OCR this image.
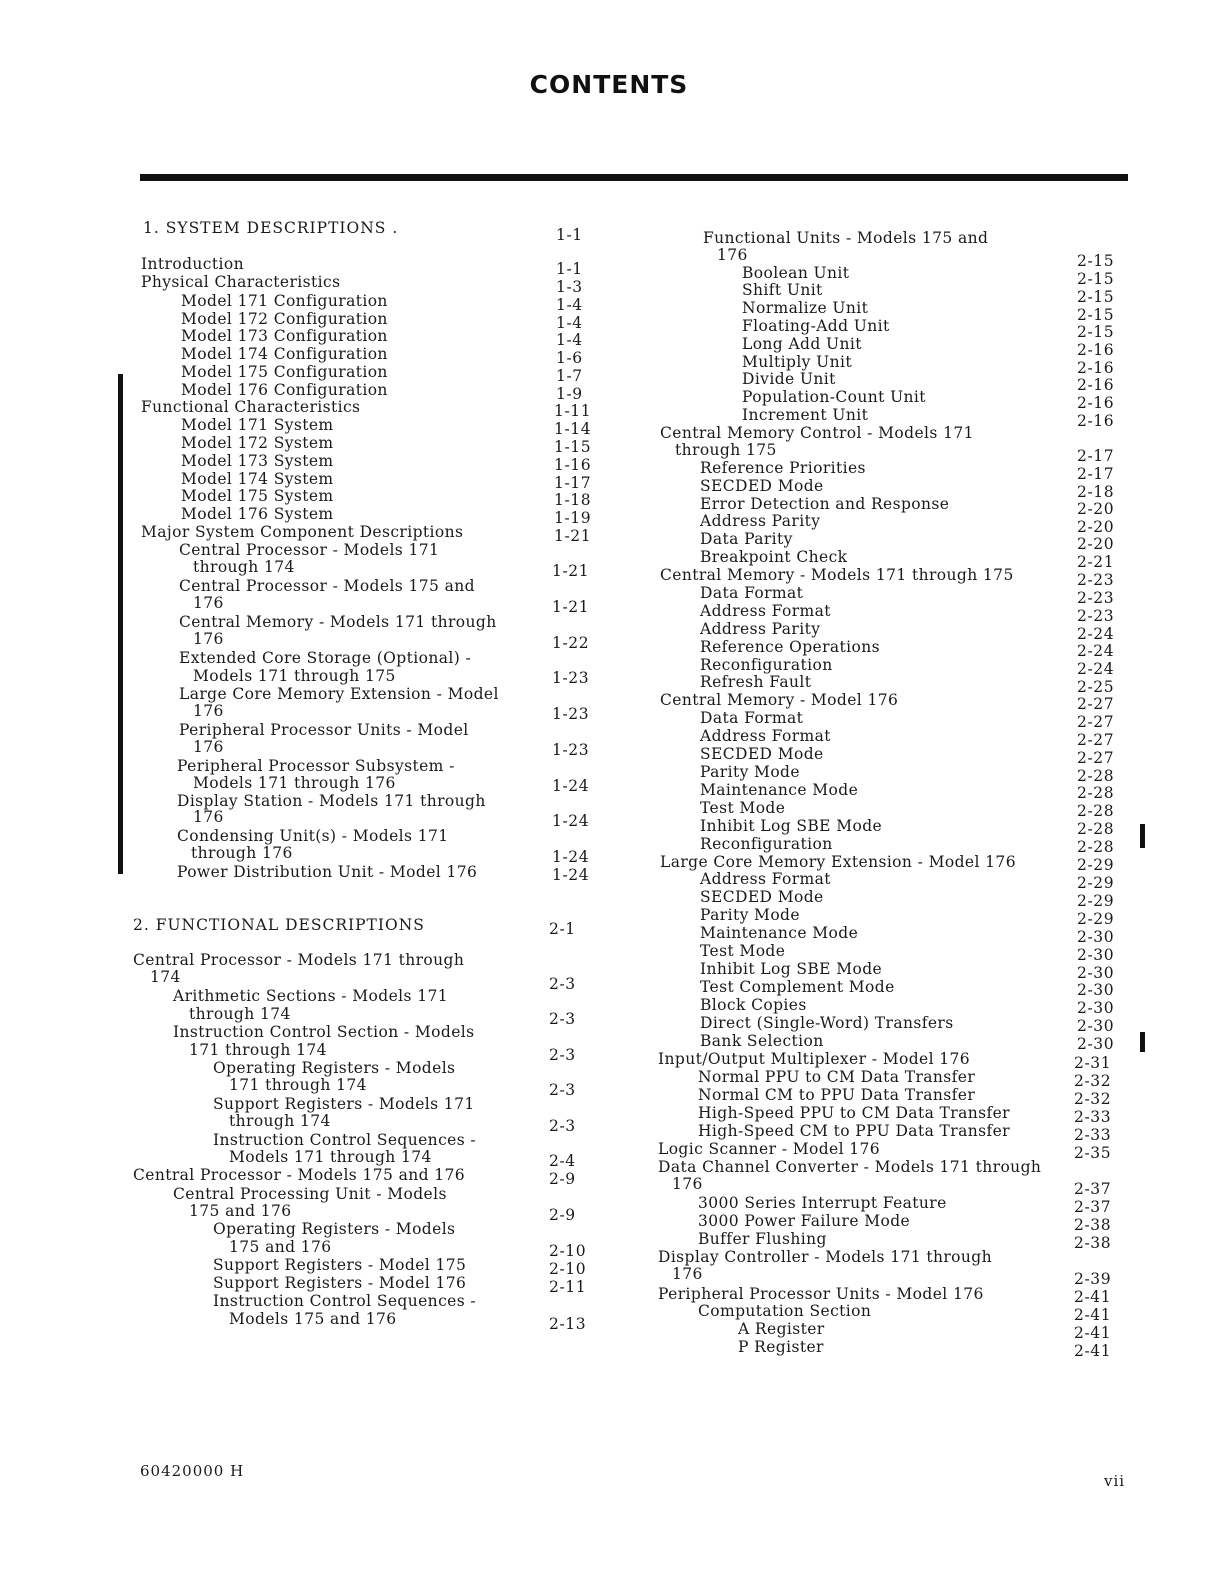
CONTENTS
1. SYSTEM DESCRIPTIONS .	1-1
Introduction	1-1
Physical Characteristics	1-3
Model 171 Configuration	1-4
Model 172 Configuration	1-4
Model 173 Configuration	1-4
Model 174 Configuration	1-6
Model 175 Configuration	1-7
Model 176 Configuration	1-9
Functional Characteristics	1-11
Model 171 System	1-14
Model 172 System	1-15
Model 173 System	1-16
Model 174 System	1-17
Model 175 System	1-18
Model 176 System	1-19
Major System Component Descriptions	1-21
Central Processor - Models 171
through 174	1-21
Central Processor - Models 175 and
176	1-21
Central Memory - Models 171 through
176	1-22
Extended Core Storage (Optional) -
Models 171 through 175	1-23
Large Core Memory Extension - Model
176	1-23
Peripheral Processor Units - Model
176	1-23
Peripheral Processor Subsystem -
Models 171 through 176	1-24
Display Station - Models 171 through
176	1-24
Condensing Unit(s) - Models 171
through 176	1-24
Power Distribution Unit - Model 176	1-24
2. FUNCTIONAL DESCRIPTIONS	2-1
Central Processor - Models 171 through
174	2-3
Arithmetic Sections - Models 171
through 174	2-3
Instruction Control Section - Models
171 through 174	2-3
Operating Registers - Models
171 through 174	2-3
Support Registers - Models 171
through 174	2-3
Instruction Control Sequences -
Models 171 through 174	2-4
Central Processor - Models 175 and 176	2-9
Central Processing Unit - Models
175 and 176	2-9
Operating Registers - Models
175 and 176	2-10
Support Registers - Model 175	2-10
Support Registers - Model 176	2-11
Instruction Control Sequences -
Models 175 and 176	2-13
Functional Units - Models 175 and
176	2-15
Boolean Unit	2-15
Shift Unit	2-15
Normalize Unit	2-15
Floating-Add Unit	2-15
Long Add Unit	2-16
Multiply Unit	2-16
Divide Unit	2-16
Population-Count Unit	2-16
Increment Unit	2-16
Central Memory Control - Models 171
through 175	2-17
Reference Priorities	2-17
SECDED Mode	2-18
Error Detection and Response	2-20
Address Parity	2-20
Data Parity	2-20
Breakpoint Check	2-21
Central Memory - Models 171 through 175	2-23
Data Format	2-23
Address Format	2-23
Address Parity	2-24
Reference Operations	2-24
Reconfiguration	2-24
Refresh Fault	2-25
Central Memory - Model 176	2-27
Data Format	2-27
Address Format	2-27
SECDED Mode	2-27
Parity Mode	2-28
Maintenance Mode	2-28
Test Mode	2-28
Inhibit Log SBE Mode	2-28
Reconfiguration	2-28
Large Core Memory Extension - Model 176	2-29
Address Format	2-29
SECDED Mode	2-29
Parity Mode	2-29
Maintenance Mode	2-30
Test Mode	2-30
Inhibit Log SBE Mode	2-30
Test Complement Mode	2-30
Block Copies	2-30
Direct (Single-Word) Transfers	2-30
Bank Selection	2-30
Input/Output Multiplexer - Model 176	2-31
Normal PPU to CM Data Transfer	2-32
Normal CM to PPU Data Transfer	2-32
High-Speed PPU to CM Data Transfer	2-33
High-Speed CM to PPU Data Transfer	2-33
Logic Scanner - Model 176	2-35
Data Channel Converter - Models 171 through
176	2-37
3000 Series Interrupt Feature	2-37
3000 Power Failure Mode	2-38
Buffer Flushing	2-38
Display Controller - Models 171 through
176	2-39
Peripheral Processor Units - Model 176	2-41
Computation Section	2-41
A Register	2-41
P Register	2-41
60420000 H
vii
